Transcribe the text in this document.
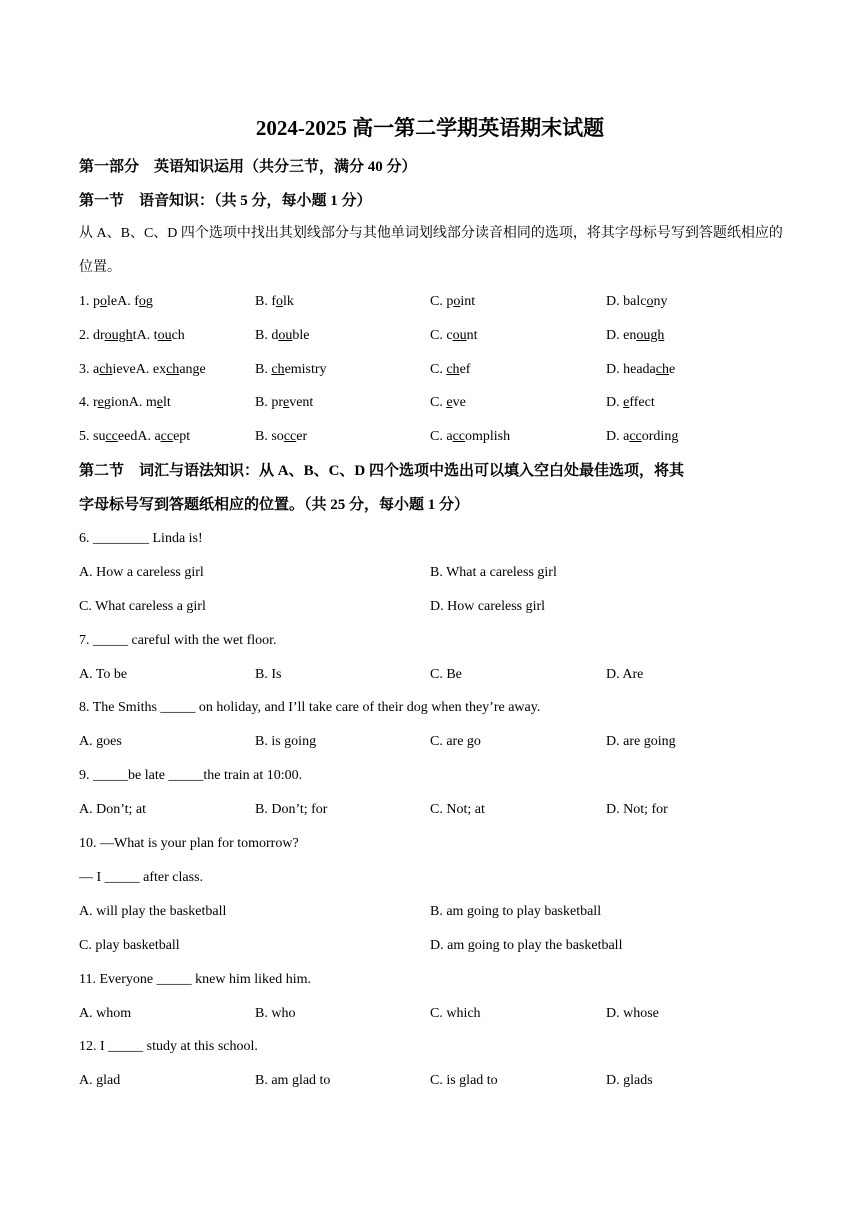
2024-2025 高一第二学期英语期末试题
第一部分　英语知识运用（共分三节，满分 40 分）
第一节　语音知识：（共 5 分，每小题 1 分）
从 A、B、C、D 四个选项中找出其划线部分与其他单词划线部分读音相同的选项，将其字母标号写到答题纸相应的位置。
1. poleA. fog	B. folk	C. point	D. balcony
2. droughtA. touch	B. double	C. count	D. enough
3. achieveA. exchange	B. chemistry	C. chef	D. headache
4. regionA. melt	B. prevent	C. eve	D. effect
5. succeedA. accept	B. soccer	C. accomplish	D. according
第二节　词汇与语法知识：从 A、B、C、D 四个选项中选出可以填入空白处最佳选项，将其
字母标号写到答题纸相应的位置。（共 25 分，每小题 1 分）
6. ________ Linda is!
A. How a careless girl	B. What a careless girl
C. What careless a girl	D. How careless girl
7. _____ careful with the wet floor.
A. To be	B. Is	C. Be	D. Are
8. The Smiths _____ on holiday, and I’ll take care of their dog when they’re away.
A. goes	B. is going	C. are go	D. are going
9. _____be late _____the train at 10:00.
A. Don’t; at	B. Don’t; for	C. Not; at	D. Not; for
10. —What is your plan for tomorrow?
— I _____ after class.
A. will play the basketball	B. am going to play basketball
C. play basketball	D. am going to play the basketball
11. Everyone _____ knew him liked him.
A. whom	B. who	C. which	D. whose
12. I _____ study at this school.
A. glad	B. am glad to	C. is glad to	D. glads
